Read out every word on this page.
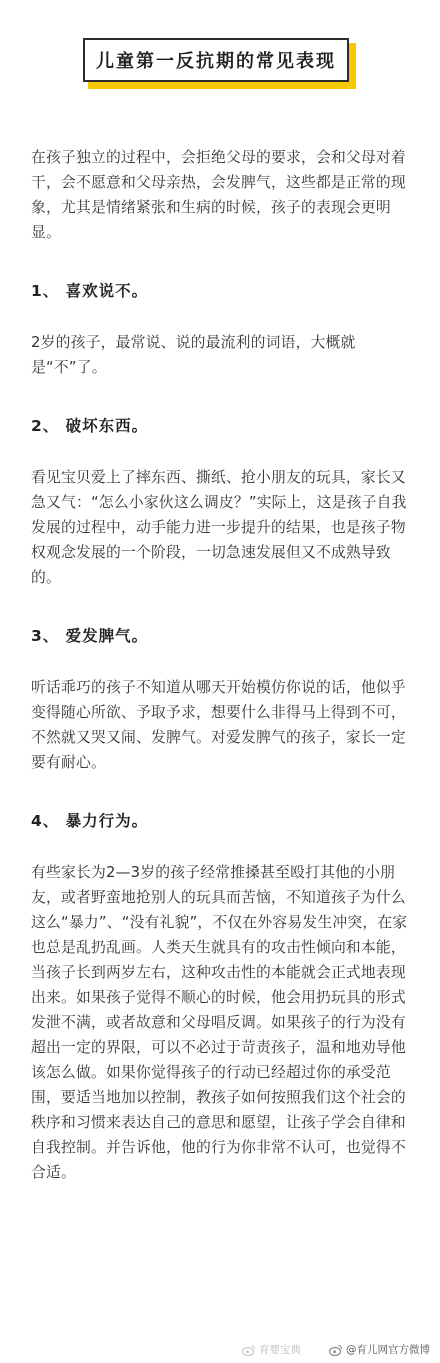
儿童第一反抗期的常见表现

在孩子独立的过程中，会拒绝父母的要求，会和父母对着干，会不愿意和父母亲热，会发脾气，这些都是正常的现象，尤其是情绪紧张和生病的时候，孩子的表现会更明显。

1、 喜欢说不。

2岁的孩子，最常说、说的最流利的词语，大概就是“不”了。

2、 破坏东西。

看见宝贝爱上了摔东西、撕纸、抢小朋友的玩具，家长又急又气：“怎么小家伙这么调皮？”实际上，这是孩子自我发展的过程中，动手能力进一步提升的结果，也是孩子物权观念发展的一个阶段，一切急速发展但又不成熟导致的。

3、 爱发脾气。

听话乖巧的孩子不知道从哪天开始模仿你说的话，他似乎变得随心所欲、予取予求，想要什么非得马上得到不可，不然就又哭又闹、发脾气。对爱发脾气的孩子，家长一定要有耐心。

4、 暴力行为。

有些家长为2—3岁的孩子经常推搡甚至殴打其他的小朋友，或者野蛮地抢别人的玩具而苦恼，不知道孩子为什么这么“暴力”、“没有礼貌”，不仅在外容易发生冲突，在家也总是乱扔乱画。人类天生就具有的攻击性倾向和本能，当孩子长到两岁左右，这种攻击性的本能就会正式地表现出来。如果孩子觉得不顺心的时候，他会用扔玩具的形式发泄不满，或者故意和父母唱反调。如果孩子的行为没有超出一定的界限，可以不必过于苛责孩子，温和地劝导他该怎么做。如果你觉得孩子的行动已经超过你的承受范围，要适当地加以控制，教孩子如何按照我们这个社会的秩序和习惯来表达自己的意思和愿望，让孩子学会自律和自我控制。并告诉他，他的行为你非常不认可，也觉得不合适。

育婴宝典	@育儿网官方微博
